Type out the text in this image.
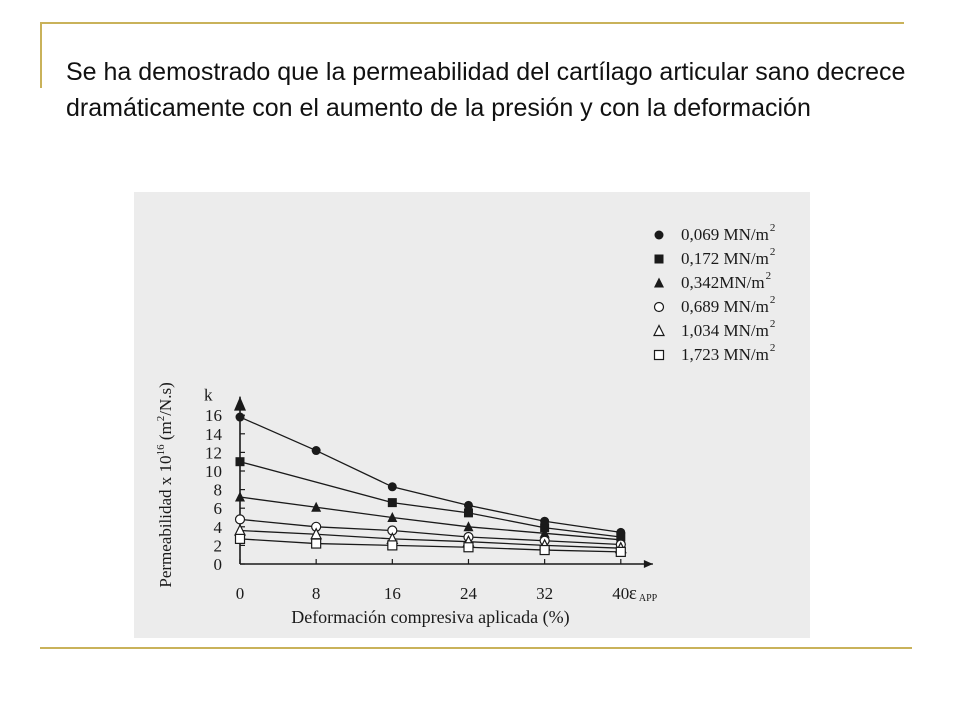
Se ha demostrado que la permeabilidad del cartílago articular sano decrece dramáticamente con el aumento de la presión y con la deformación
0
2
4
6
8
10
12
14
16
0	8	16	24	32	40
0,069 MN/m 2
0,172 MN/m 2
0,342MN/m 2
0,689 MN/m 2
1,034 MN/m 2
1,723 MN/m 2
k
ε APP
Deformación compresiva aplicada (%)
Permeabilidad x $10^{16}$ $(m^2/N.s)$
